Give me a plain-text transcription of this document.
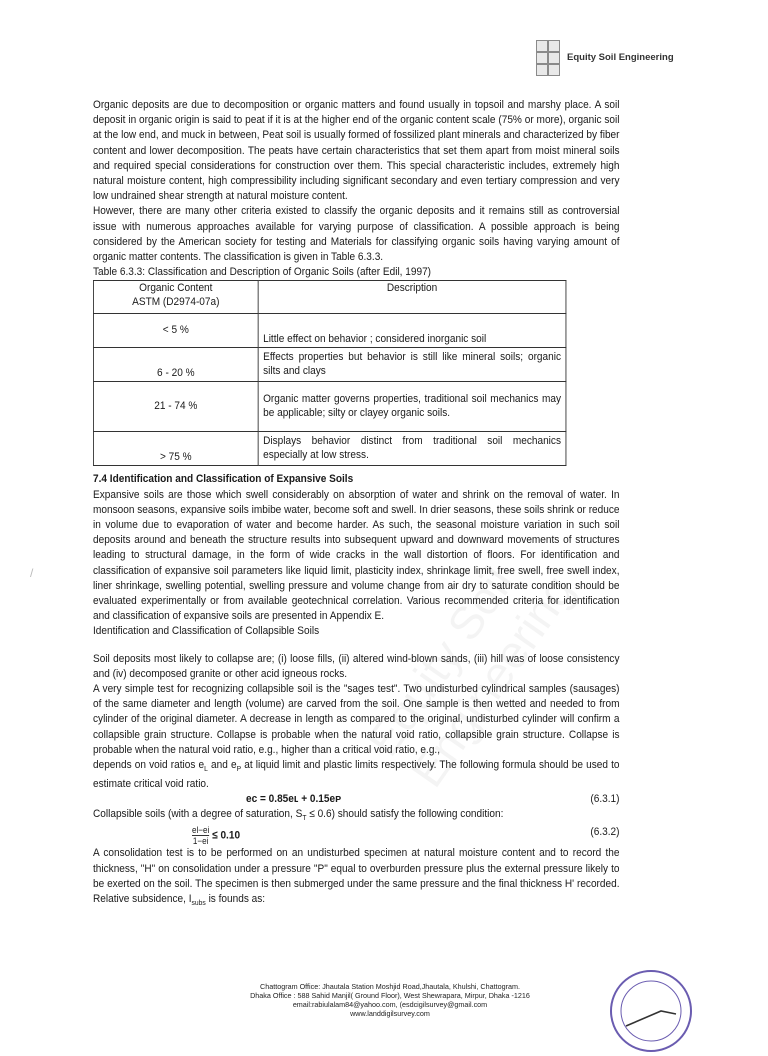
Equity Soil Engineering
/

Organic deposits are due to decomposition or organic matters and found usually in topsoil and marshy place. A soil deposit in organic origin is said to peat if it is at the higher end of the organic content scale (75% or more), organic soil at the low end, and muck in between, Peat soil is usually formed of fossilized plant minerals and characterized by fiber content and lower decomposition. The peats have certain characteristics that set them apart from moist mineral soils and required special considerations for construction over them. This special characteristic includes, extremely high natural moisture content, high compressibility including significant secondary and even tertiary compression and very low undrained shear strength at natural moisture content.

However, there are many other criteria existed to classify the organic deposits and it remains still as controversial issue with numerous approaches available for varying purpose of classification. A possible approach is being considered by the American society for testing and Materials for classifying organic soils having varying amount of organic matter contents. The classification is given in Table 6.3.3.

Table 6.3.3: Classification and Description of Organic Soils (after Edil, 1997)

Organic Content
ASTM (D2974-07a)	Description
< 5 %	Little effect on behavior ; considered inorganic soil
6 - 20 %	Effects properties but behavior is still like mineral soils; organic silts and clays
21 - 74 %	Organic matter governs properties, traditional soil mechanics may be applicable; silty or clayey organic soils.
> 75 %	Displays behavior distinct from traditional soil mechanics especially at low stress.
7.4 Identification and Classification of Expansive Soils

Expansive soils are those which swell considerably on absorption of water and shrink on the removal of water. In monsoon seasons, expansive soils imbibe water, become soft and swell. In drier seasons, these soils shrink or reduce in volume due to evaporation of water and become harder. As such, the seasonal moisture variation in such soil deposits around and beneath the structure results into subsequent upward and downward movements of structures leading to structural damage, in the form of wide cracks in the wall distortion of floors. For identification and classification of expansive soil parameters like liquid limit, plasticity index, shrinkage limit, free swell, free swell index, liner shrinkage, swelling potential, swelling pressure and volume change from air dry to saturate condition should be evaluated experimentally or from available geotechnical correlation. Various recommended criteria for identification and classification of expansive soils are presented in Appendix E.

Identification and Classification of Collapsible Soils

Soil deposits most likely to collapse are; (i) loose fills, (ii) altered wind-blown sands, (iii) hill was of loose consistency and (iv) decomposed granite or other acid igneous rocks.

A very simple test for recognizing collapsible soil is the "sages test". Two undisturbed cylindrical samples (sausages) of the same diameter and length (volume) are carved from the soil. One sample is then wetted and needed to from cylinder of the original diameter. A decrease in length as compared to the original, undisturbed cylinder will confirm a collapsible grain structure. Collapse is probable when the natural void ratio, collapsible grain structure. Collapse is probable when the natural void ratio, e.g., higher than a critical void ratio, e.g.,

depends on void ratios $e_L$ and $e_P$ at liquid limit and plastic limits respectively. The following formula should be used to estimate critical void ratio.

eᴄ = 0.85eʟ + 0.15eᴘ	(6.3.1)

Collapsible soils (with a degree of saturation, $S_T \le 0.6$) should satisfy the following condition:

$\frac{el-ei}{1-ei} \le 0.10$	(6.3.2)

A consolidation test is to be performed on an undisturbed specimen at natural moisture content and to record the thickness, "H" on consolidation under a pressure "P" equal to overburden pressure plus the external pressure likely to be exerted on the soil. The specimen is then submerged under the same pressure and the final thickness H' recorded. Relative subsidence, $I_{subs}$ is founds as:

Chattogram Office: Jhautala Station Moshjid Road,Jhautala, Khulshi, Chattogram.
Dhaka Office : 588 Sahid Manjil( Ground Floor), West Shewrapara, Mirpur, Dhaka -1216
email:rabiulalam84@yahoo.com, (esdcigilsurvey@gmail.com
www.landdigilsurvey.com
